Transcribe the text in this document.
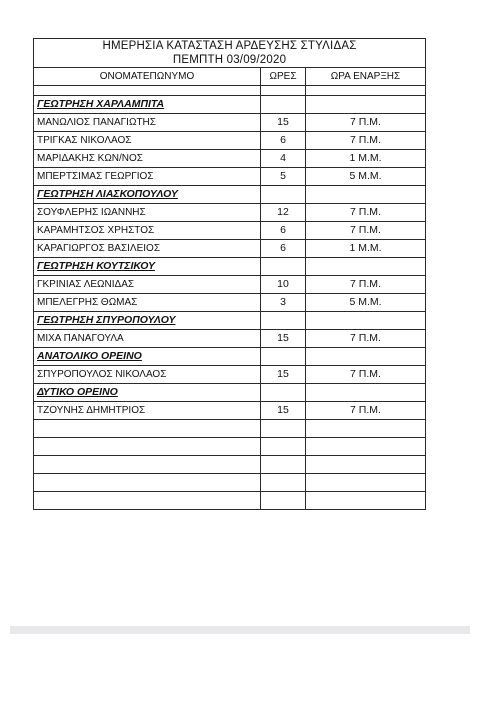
ΗΜΕΡΗΣΙΑ ΚΑΤΑΣΤΑΣΗ ΑΡΔΕΥΣΗΣ ΣΤΥΛΙΔΑΣ		
ΠΕΜΠΤΗ 03/09/2020		
ΟΝΟΜΑΤΕΠΩΝΥΜΟ	ΩΡΕΣ	ΩΡΑ ΕΝΑΡΞΗΣ

ΓΕΩΤΡΗΣΗ ΧΑΡΛΑΜΠΙΤΑ		
ΜΑΝΩΛΙΟΣ ΠΑΝΑΓΙΩΤΗΣ	15	7 Π.Μ.
ΤΡΙΓΚΑΣ ΝΙΚΟΛΑΟΣ	6	7 Π.Μ.
ΜΑΡΙΔΑΚΗΣ ΚΩΝ/ΝΟΣ	4	1 Μ.Μ.
ΜΠΕΡΤΣΙΜΑΣ ΓΕΩΡΓΙΟΣ	5	5 Μ.Μ.
ΓΕΩΤΡΗΣΗ ΛΙΑΣΚΟΠΟΥΛΟΥ		
ΣΟΥΦΛΕΡΗΣ ΙΩΑΝΝΗΣ	12	7 Π.Μ.
ΚΑΡΑΜΗΤΣΟΣ ΧΡΗΣΤΟΣ	6	7 Π.Μ.
ΚΑΡΑΓΙΩΡΓΟΣ ΒΑΣΙΛΕΙΟΣ	6	1 Μ.Μ.
ΓΕΩΤΡΗΣΗ ΚΟΥΤΣΙΚΟΥ		
ΓΚΡΙΝΙΑΣ ΛΕΩΝΙΔΑΣ	10	7 Π.Μ.
ΜΠΕΛΕΓΡΗΣ ΘΩΜΑΣ	3	5 Μ.Μ.
ΓΕΩΤΡΗΣΗ ΣΠΥΡΟΠΟΥΛΟΥ		
ΜΙΧΑ ΠΑΝΑΓΟΥΛΑ	15	7 Π.Μ.
ΑΝΑΤΟΛΙΚΟ ΟΡΕΙΝΟ		
ΣΠΥΡΟΠΟΥΛΟΣ ΝΙΚΟΛΑΟΣ	15	7 Π.Μ.
ΔΥΤΙΚΟ ΟΡΕΙΝΟ		
ΤΖΟΥΝΗΣ ΔΗΜΗΤΡΙΟΣ	15	7 Π.Μ.
